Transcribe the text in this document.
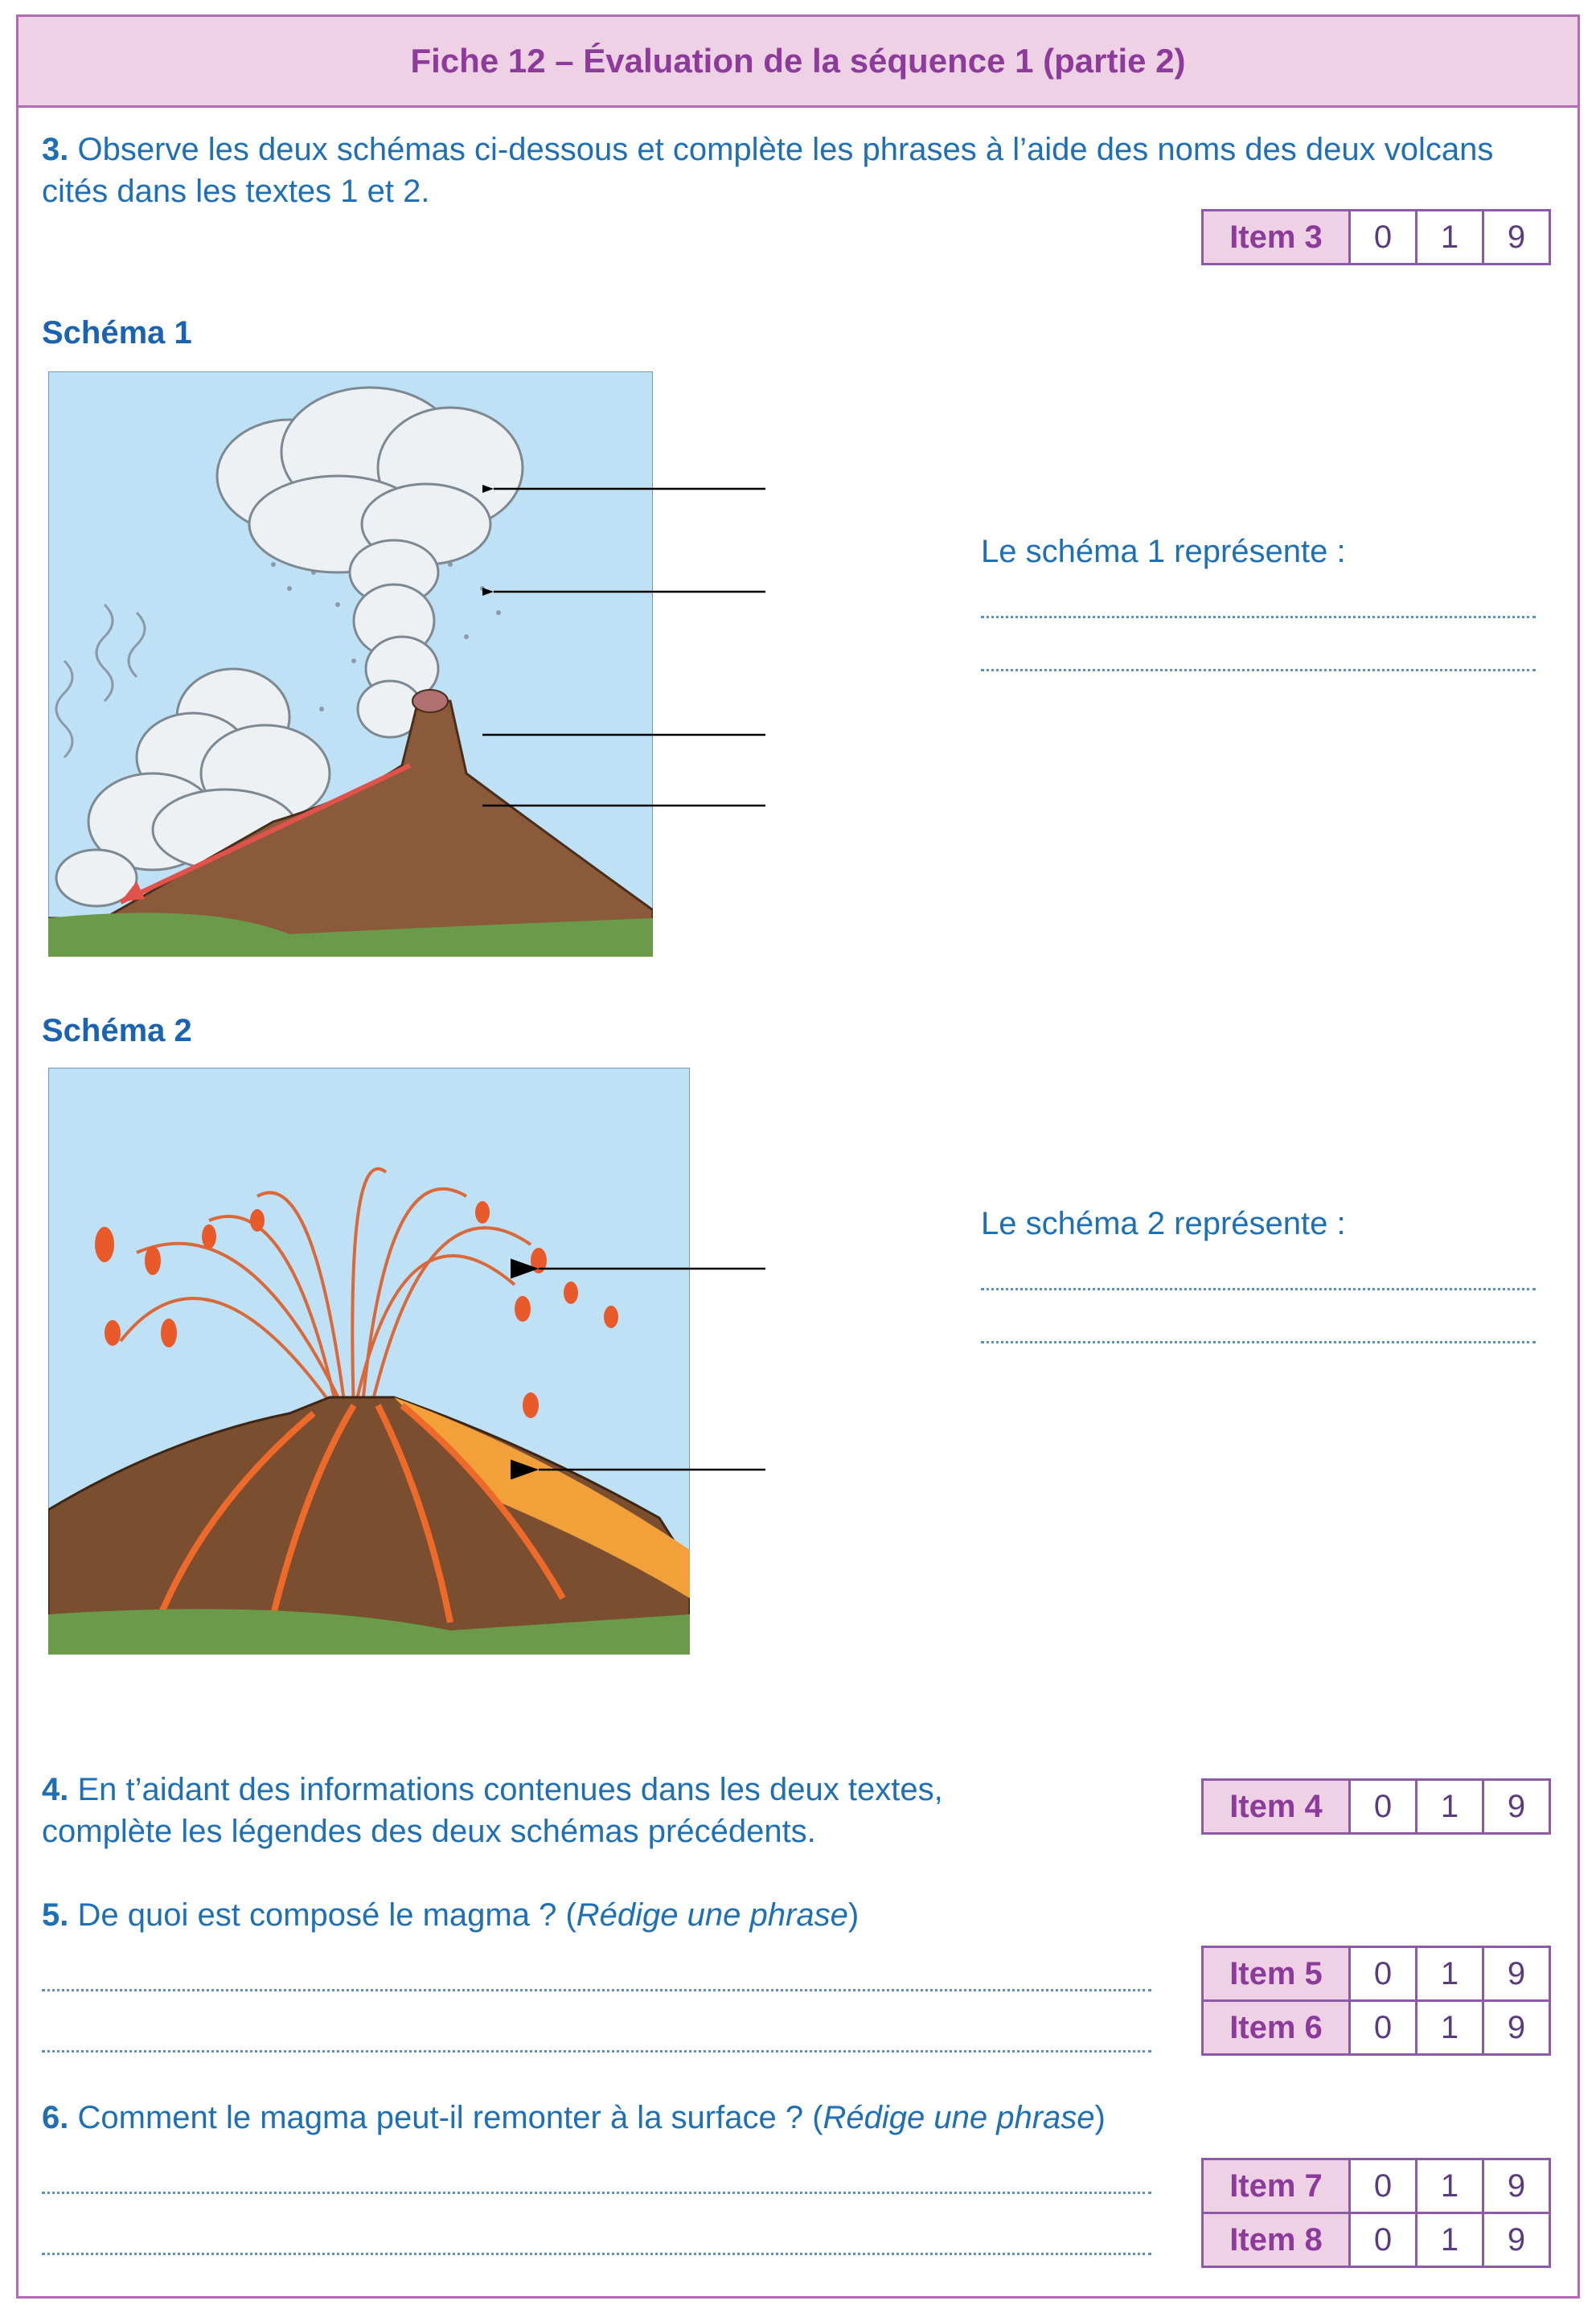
Fiche 12 – Évaluation de la séquence 1 (partie 2)
3. Observe les deux schémas ci-dessous et complète les phrases à l’aide des noms des deux volcans
cités dans les textes 1 et 2.
Item 3	0	1	9
Schéma 1
Le schéma 1 représente :
Schéma 2
Le schéma 2 représente :
4. En t’aidant des informations contenues dans les deux textes,
complète les légendes des deux schémas précédents.
Item 4	0	1	9
5. De quoi est composé le magma ? (Rédige une phrase)
Item 5	0	1	9
Item 6	0	1	9
6. Comment le magma peut-il remonter à la surface ? (Rédige une phrase)
Item 7	0	1	9
Item 8	0	1	9
